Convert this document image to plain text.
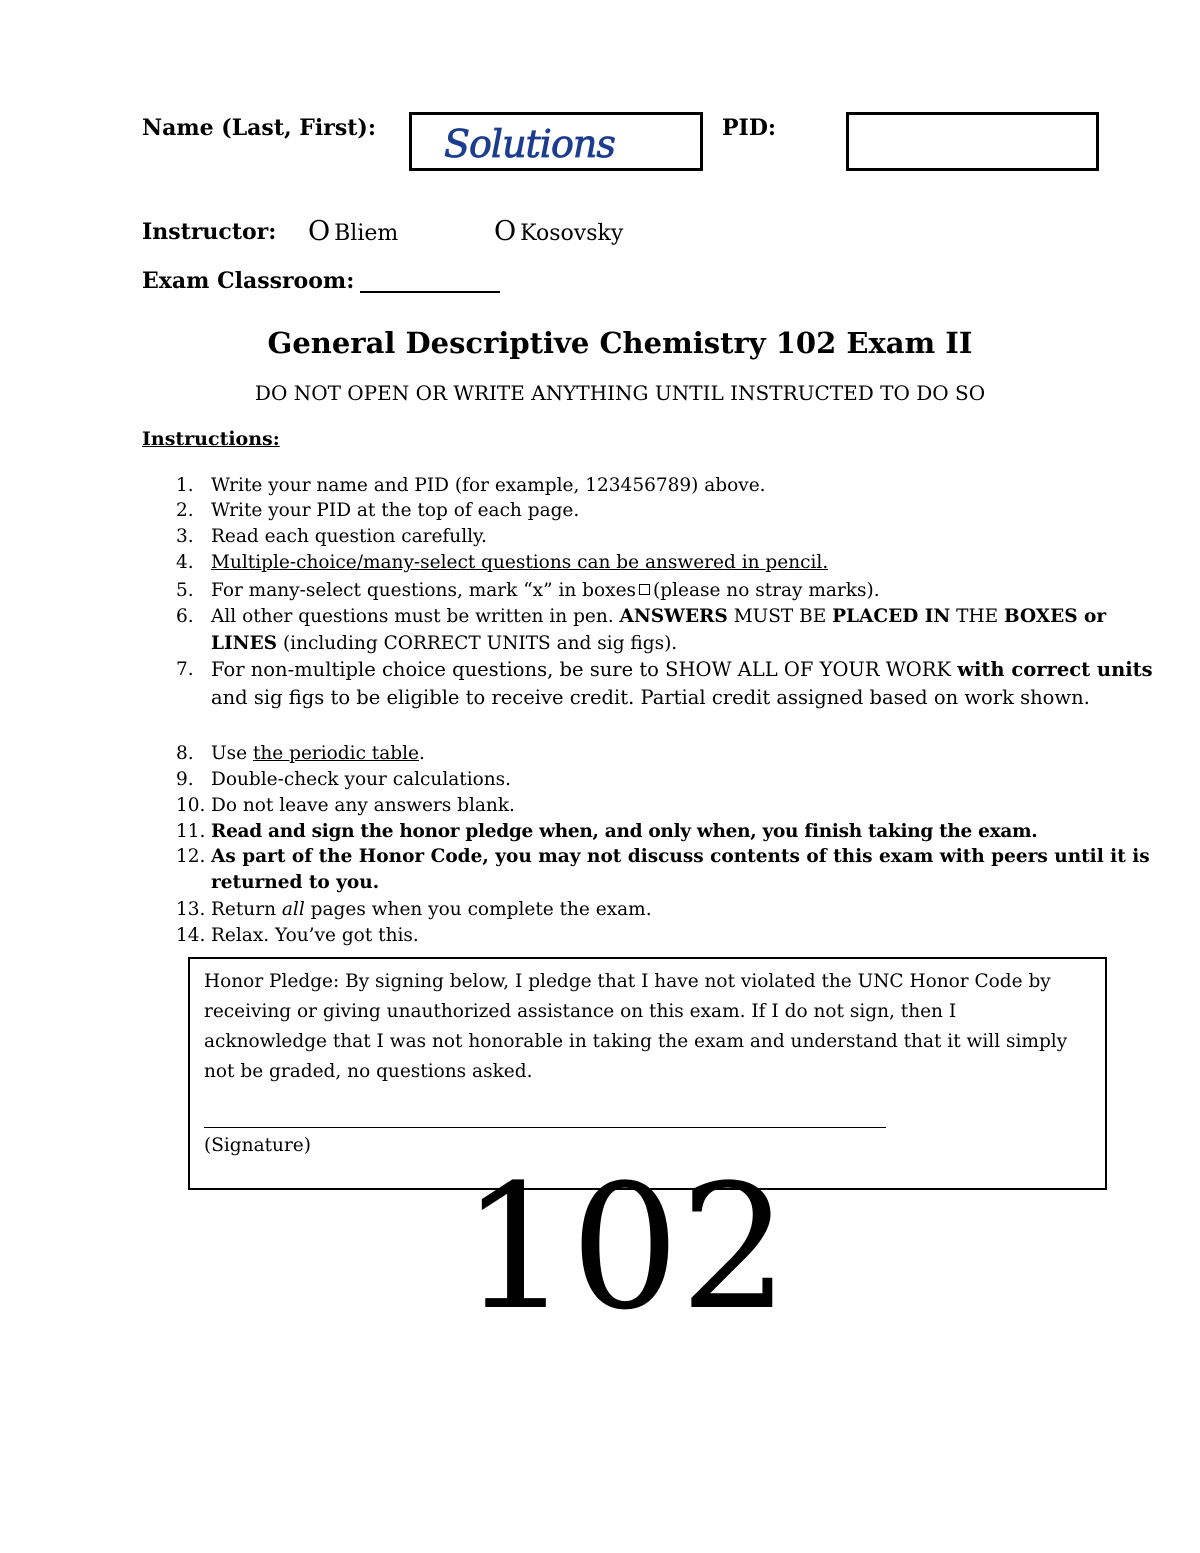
Name (Last, First): Solutions	PID:
Instructor: O Bliem	O Kosovsky
Exam Classroom:
General Descriptive Chemistry 102 Exam II
DO NOT OPEN OR WRITE ANYTHING UNTIL INSTRUCTED TO DO SO
Instructions:
1. Write your name and PID (for example, 123456789) above.
2. Write your PID at the top of each page.
3. Read each question carefully.
4. Multiple-choice/many-select questions can be answered in pencil.
5. For many-select questions, mark “x” in boxes (please no stray marks).
6. All other questions must be written in pen. ANSWERS MUST BE PLACED IN THE BOXES or LINES (including CORRECT UNITS and sig figs).
7. For non-multiple choice questions, be sure to SHOW ALL OF YOUR WORK with correct units and sig figs to be eligible to receive credit. Partial credit assigned based on work shown.
8. Use the periodic table.
9. Double-check your calculations.
10. Do not leave any answers blank.
11. Read and sign the honor pledge when, and only when, you finish taking the exam.
12. As part of the Honor Code, you may not discuss contents of this exam with peers until it is returned to you.
13. Return all pages when you complete the exam.
14. Relax. You’ve got this.
Honor Pledge: By signing below, I pledge that I have not violated the UNC Honor Code by receiving or giving unauthorized assistance on this exam. If I do not sign, then I acknowledge that I was not honorable in taking the exam and understand that it will simply not be graded, no questions asked.
(Signature)
102
